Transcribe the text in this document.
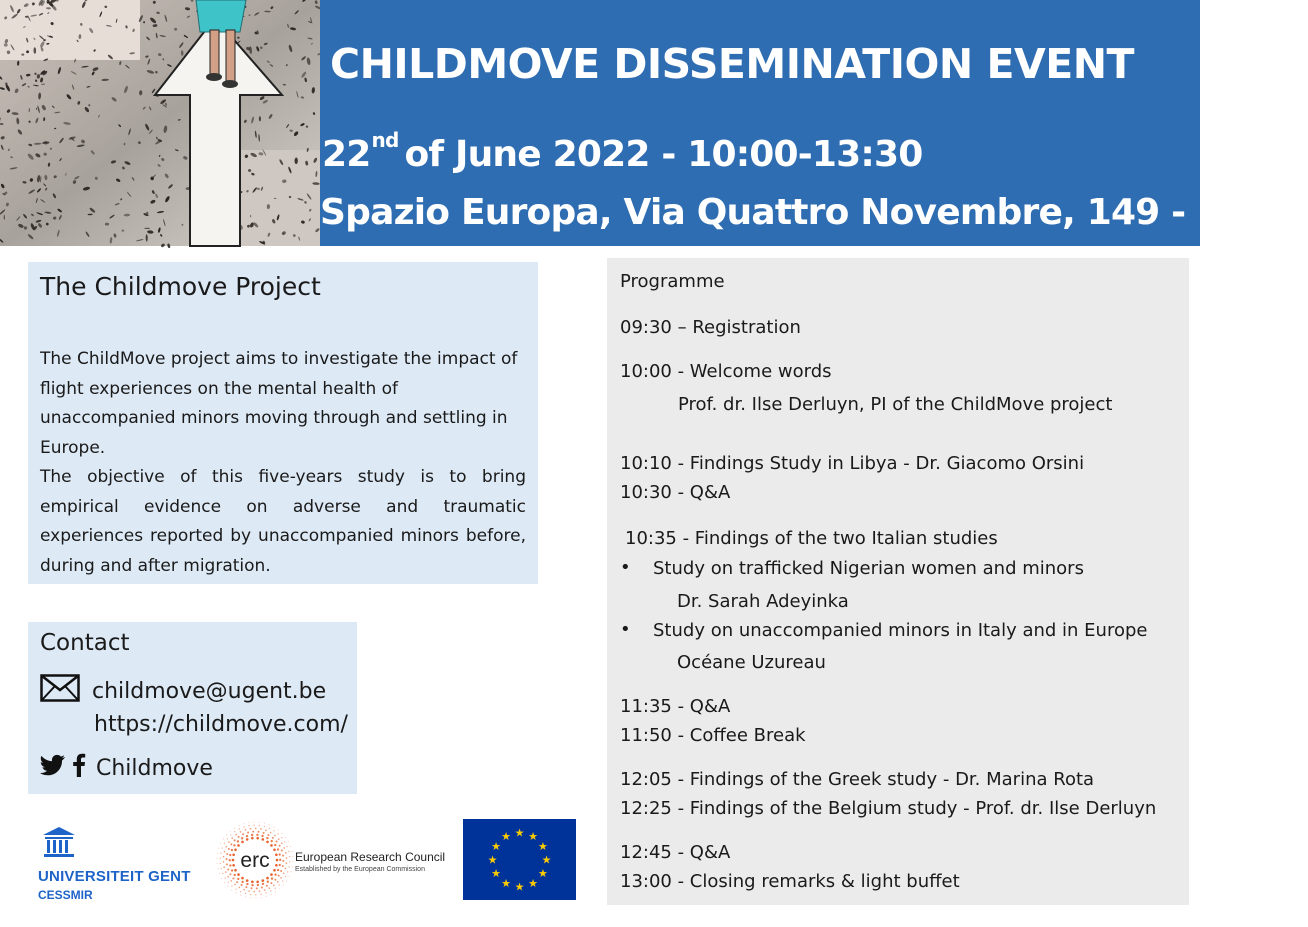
CHILDMOVE DISSEMINATION EVENT
22nd of June 2022 - 10:00-13:30
Spazio Europa, Via Quattro Novembre, 149 - Rome
The Childmove Project

The ChildMove project aims to investigate the impact of flight experiences on the mental health of unaccompanied minors moving through and settling in Europe.

The objective of this five-years study is to bring empirical evidence on adverse and traumatic experiences reported by unaccompanied minors before, during and after migration.

Contact
childmove@ugent.be
https://childmove.com/
Childmove
UNIVERSITEIT GENT
CESSMIR
erc European Research Council
Established by the European Commission
★ ★
★
★
★
★
★
★
★
★
★
★
Programme
09:30 – Registration
10:00 - Welcome words
Prof. dr. Ilse Derluyn, PI of the ChildMove project
10:10 - Findings Study in Libya - Dr. Giacomo Orsini
10:30 - Q&A
10:35 - Findings of the two Italian studies
• Study on trafficked Nigerian women and minors
Dr. Sarah Adeyinka
• Study on unaccompanied minors in Italy and in Europe
Océane Uzureau
11:35 - Q&A
11:50 - Coffee Break
12:05 - Findings of the Greek study - Dr. Marina Rota
12:25 - Findings of the Belgium study - Prof. dr. Ilse Derluyn
12:45 - Q&A
13:00 - Closing remarks & light buffet
